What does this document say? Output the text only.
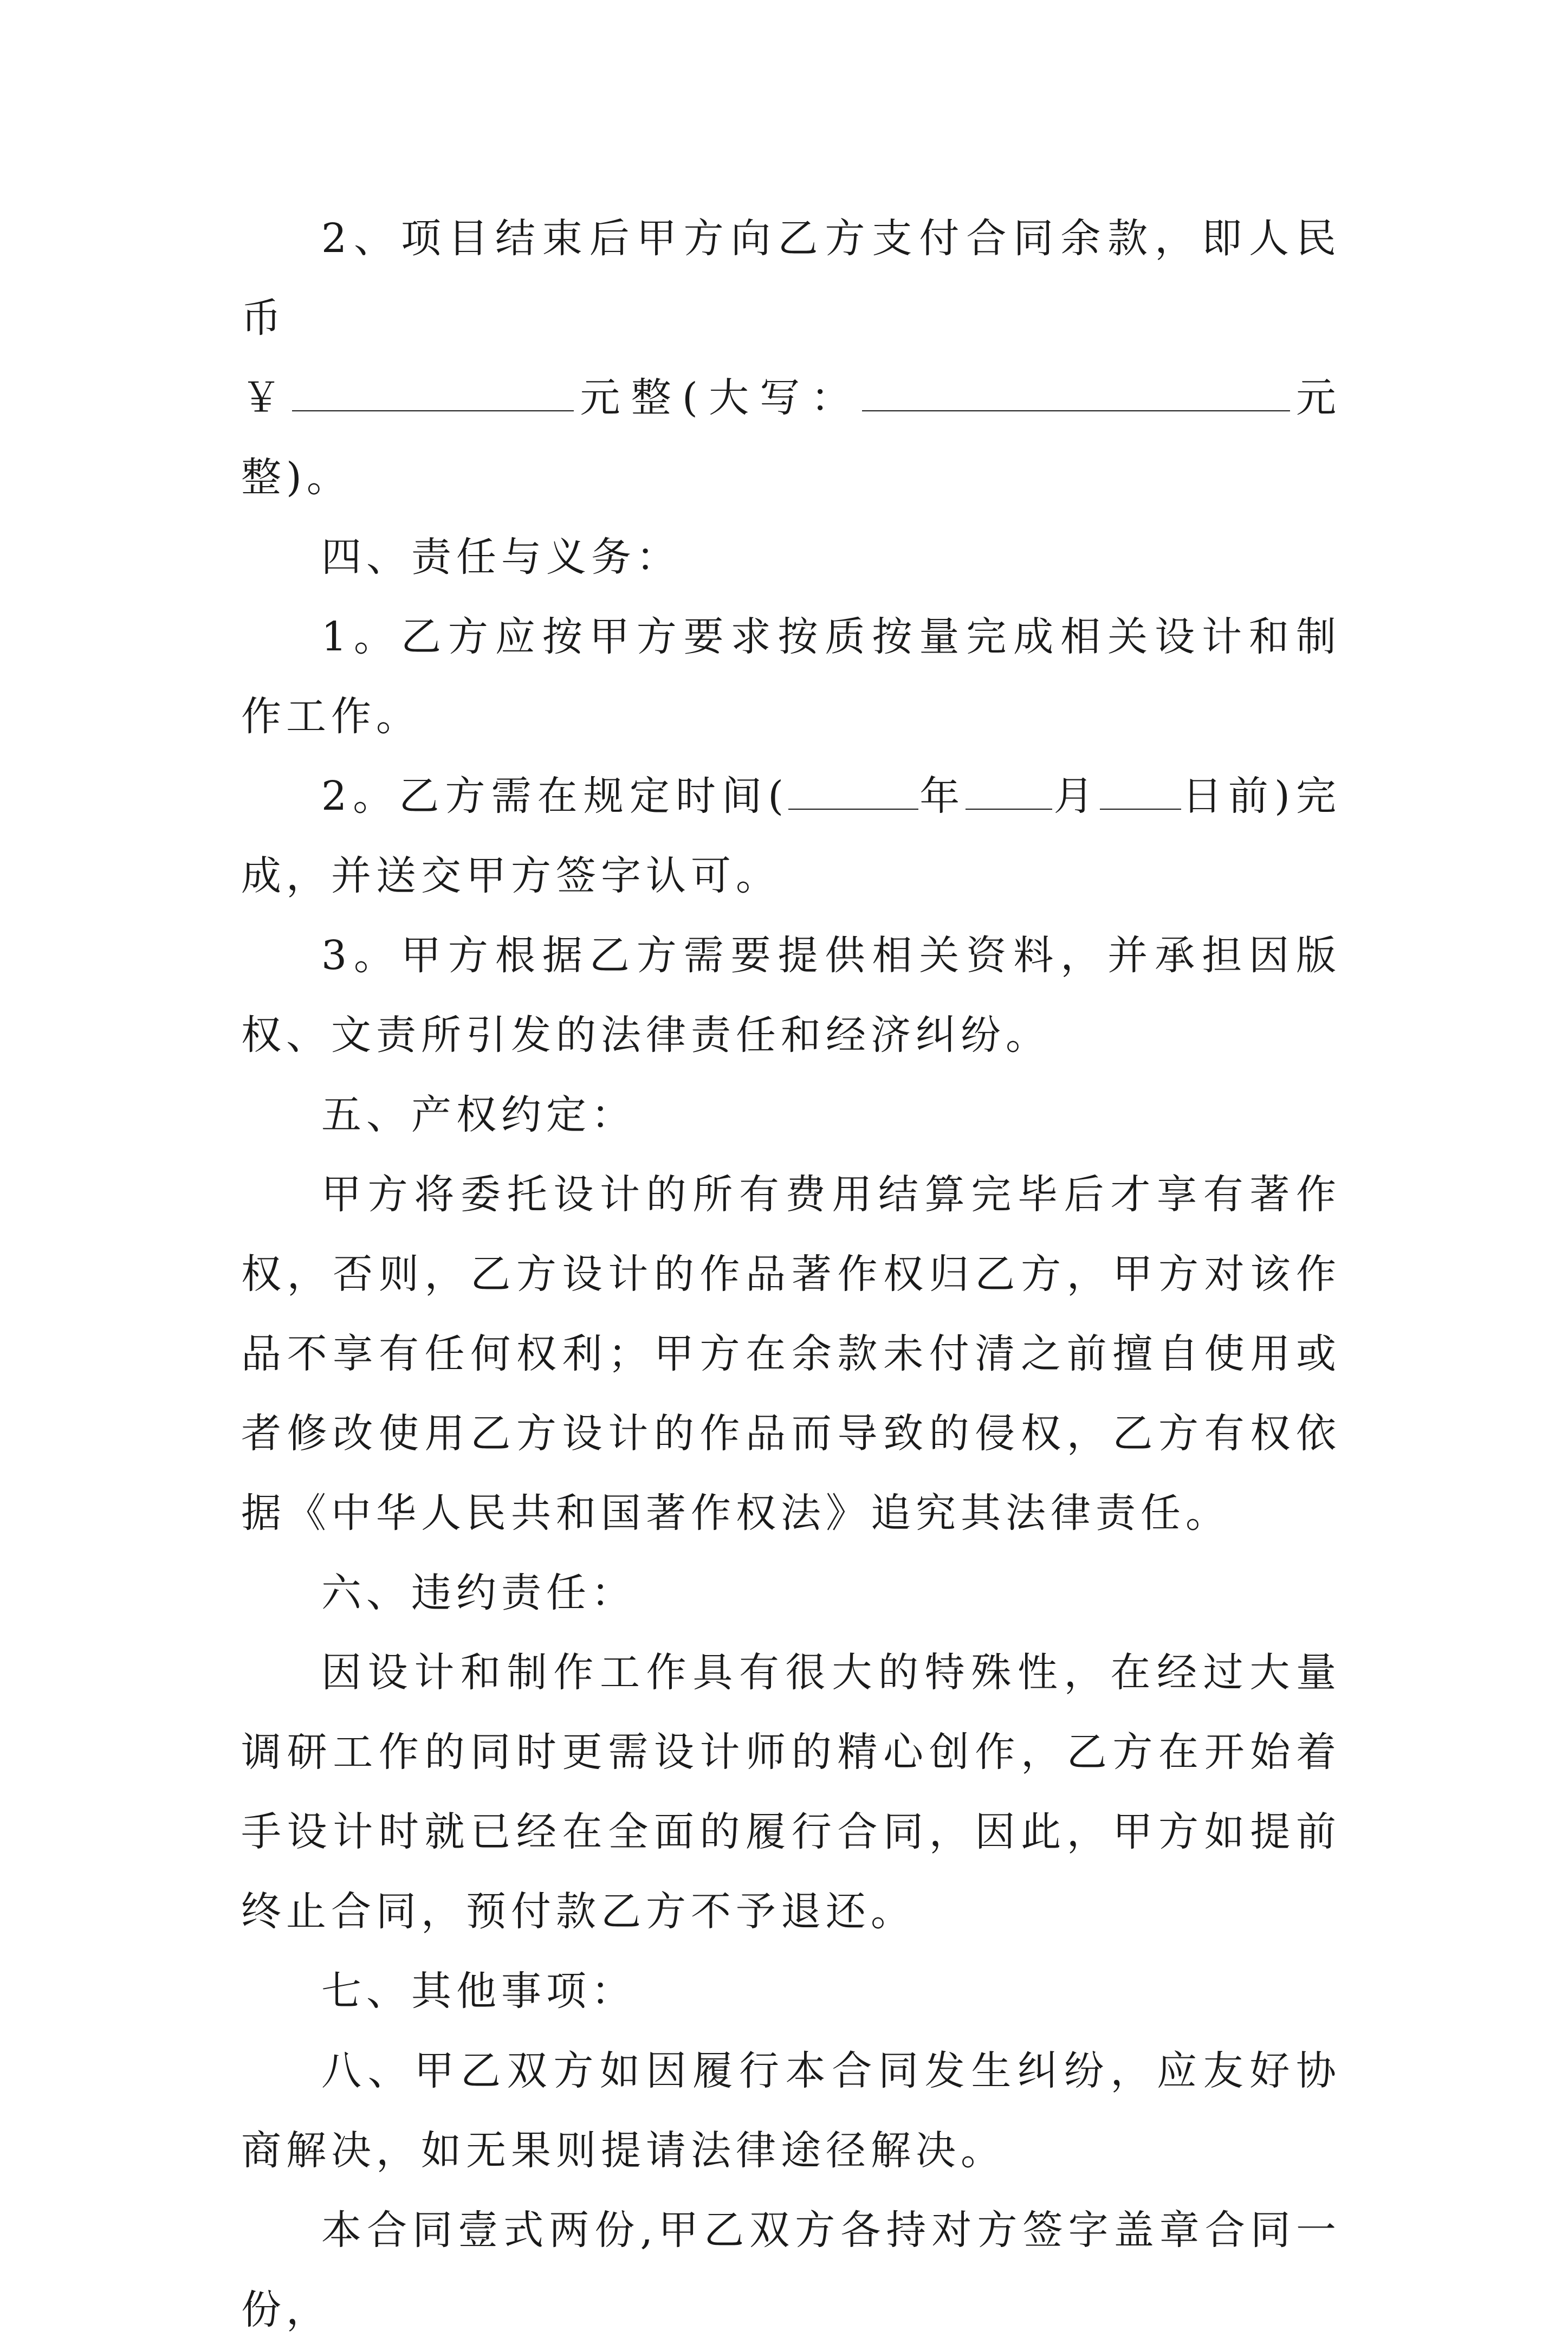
2、项目结束后甲方向乙方支付合同余款，即人民币
￥	元整(大写：	元整)。

四、责任与义务：

1。乙方应按甲方要求按质按量完成相关设计和制作工作。

2。乙方需在规定时间(	年 月 日前)完成，并送交甲方签字认可。

3。甲方根据乙方需要提供相关资料，并承担因版权、文责所引发的法律责任和经济纠纷。

五、产权约定：

甲方将委托设计的所有费用结算完毕后才享有著作权，否则，乙方设计的作品著作权归乙方，甲方对该作品不享有任何权利；甲方在余款未付清之前擅自使用或者修改使用乙方设计的作品而导致的侵权，乙方有权依据《中华人民共和国著作权法》追究其法律责任。

六、违约责任：

因设计和制作工作具有很大的特殊性，在经过大量调研工作的同时更需设计师的精心创作，乙方在开始着手设计时就已经在全面的履行合同，因此，甲方如提前终止合同，预付款乙方不予退还。

七、其他事项：

八、甲乙双方如因履行本合同发生纠纷，应友好协商解决，如无果则提请法律途径解决。

本合同壹式两份,甲乙双方各持对方签字盖章合同一份，
